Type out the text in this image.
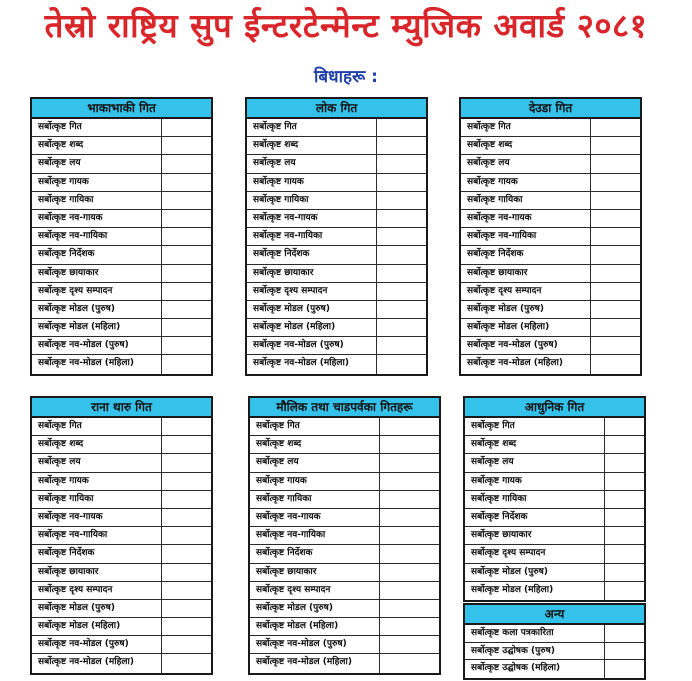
तेस्रो राष्ट्रिय सुप ईन्टरटेन्मेन्ट म्युजिक अवार्ड २०८१
बिधाहरू :
भाकाभाकी गित
सर्बोत्कृष्ट गित
सर्बोत्कृष्ट शब्द
सर्बोत्कृष्ट लय
सर्बोत्कृष्ट गायक
सर्बोत्कृष्ट गायिका
सर्बोत्कृष्ट नव-गायक
सर्बोत्कृष्ट नव-गायिका
सर्बोत्कृष्ट निर्देशक
सर्बोत्कृष्ट छायाकार
सर्बोत्कृष्ट दृश्य सम्पादन
सर्बोत्कृष्ट मोडल (पुरुष)
सर्बोत्कृष्ट मोडल (महिला)
सर्बोत्कृष्ट नव-मोडल (पुरुष)
सर्बोत्कृष्ट नव-मोडल (महिला)
लोक गित
सर्बोत्कृष्ट गित
सर्बोत्कृष्ट शब्द
सर्बोत्कृष्ट लय
सर्बोत्कृष्ट गायक
सर्बोत्कृष्ट गायिका
सर्बोत्कृष्ट नव-गायक
सर्बोत्कृष्ट नव-गायिका
सर्बोत्कृष्ट निर्देशक
सर्बोत्कृष्ट छायाकार
सर्बोत्कृष्ट दृश्य सम्पादन
सर्बोत्कृष्ट मोडल (पुरुष)
सर्बोत्कृष्ट मोडल (महिला)
सर्बोत्कृष्ट नव-मोडल (पुरुष)
सर्बोत्कृष्ट नव-मोडल (महिला)
देउडा गित
सर्बोत्कृष्ट गित
सर्बोत्कृष्ट शब्द
सर्बोत्कृष्ट लय
सर्बोत्कृष्ट गायक
सर्बोत्कृष्ट गायिका
सर्बोत्कृष्ट नव-गायक
सर्बोत्कृष्ट नव-गायिका
सर्बोत्कृष्ट निर्देशक
सर्बोत्कृष्ट छायाकार
सर्बोत्कृष्ट दृश्य सम्पादन
सर्बोत्कृष्ट मोडल (पुरुष)
सर्बोत्कृष्ट मोडल (महिला)
सर्बोत्कृष्ट नव-मोडल (पुरुष)
सर्बोत्कृष्ट नव-मोडल (महिला)
राना थारु गित
सर्बोत्कृष्ट गित
सर्बोत्कृष्ट शब्द
सर्बोत्कृष्ट लय
सर्बोत्कृष्ट गायक
सर्बोत्कृष्ट गायिका
सर्बोत्कृष्ट नव-गायक
सर्बोत्कृष्ट नव-गायिका
सर्बोत्कृष्ट निर्देशक
सर्बोत्कृष्ट छायाकार
सर्बोत्कृष्ट दृश्य सम्पादन
सर्बोत्कृष्ट मोडल (पुरुष)
सर्बोत्कृष्ट मोडल (महिला)
सर्बोत्कृष्ट नव-मोडल (पुरुष)
सर्बोत्कृष्ट नव-मोडल (महिला)
मौलिक तथा चाडपर्वका गितहरू
सर्बोत्कृष्ट गित
सर्बोत्कृष्ट शब्द
सर्बोत्कृष्ट लय
सर्बोत्कृष्ट गायक
सर्बोत्कृष्ट गायिका
सर्बोत्कृष्ट नव-गायक
सर्बोत्कृष्ट नव-गायिका
सर्बोत्कृष्ट निर्देशक
सर्बोत्कृष्ट छायाकार
सर्बोत्कृष्ट दृश्य सम्पादन
सर्बोत्कृष्ट मोडल (पुरुष)
सर्बोत्कृष्ट मोडल (महिला)
सर्बोत्कृष्ट नव-मोडल (पुरुष)
सर्बोत्कृष्ट नव-मोडल (महिला)
आधुनिक गित
सर्बोत्कृष्ट गित
सर्बोत्कृष्ट शब्द
सर्बोत्कृष्ट लय
सर्बोत्कृष्ट गायक
सर्बोत्कृष्ट गायिका
सर्बोत्कृष्ट निर्देशक
सर्बोत्कृष्ट छायाकार
सर्बोत्कृष्ट दृश्य सम्पादन
सर्बोत्कृष्ट मोडल (पुरुष)
सर्बोत्कृष्ट मोडल (महिला)
अन्य
सर्बोत्कृष्ट कला पत्रकारिता
सर्बोत्कृष्ट उद्घोषक (पुरुष)
सर्बोत्कृष्ट उद्घोषक (महिला)
